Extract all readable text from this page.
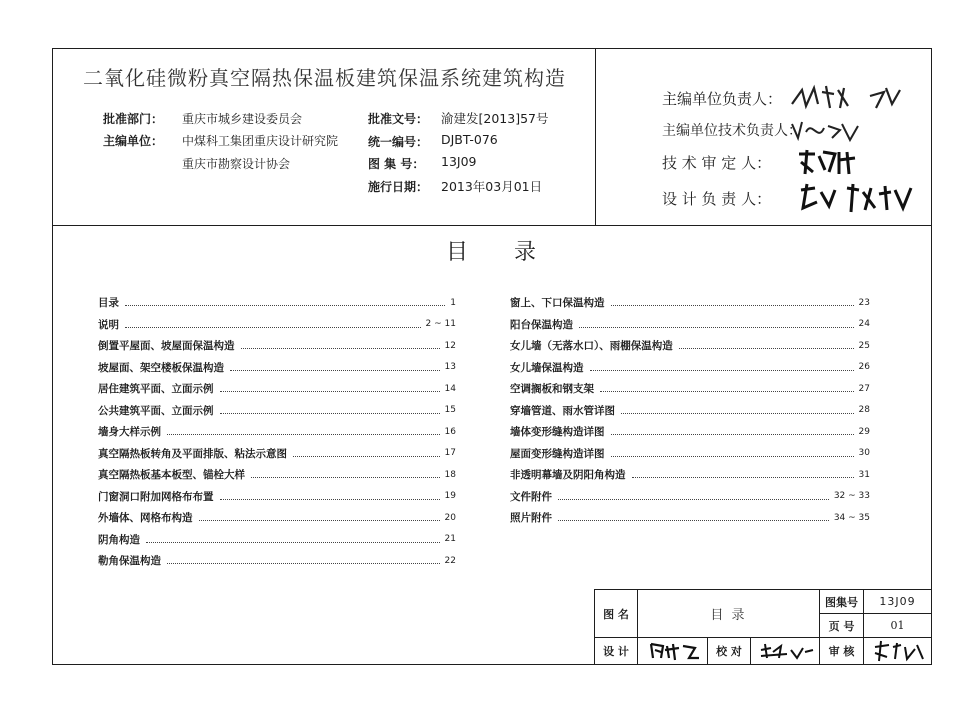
二氧化硅微粉真空隔热保温板建筑保温系统建筑构造
批准部门： 重庆市城乡建设委员会
主编单位： 中煤科工集团重庆设计研究院
重庆市勘察设计协会
批准文号： 渝建发[2013]57号
统一编号： DJBT-076
图 集 号： 13J09
施行日期： 2013年03月01日
主编单位负责人：
主编单位技术负责人：
技 术 审 定 人：
设 计 负 责 人：
目 录
目录	1
说明	2 ~ 11
倒置平屋面、坡屋面保温构造	12
坡屋面、架空楼板保温构造	13
居住建筑平面、立面示例	14
公共建筑平面、立面示例	15
墙身大样示例	16
真空隔热板转角及平面排版、粘法示意图	17
真空隔热板基本板型、锚栓大样	18
门窗洞口附加网格布布置	19
外墙体、网格布构造	20
阴角构造	21
勒角保温构造	22
窗上、下口保温构造	23
阳台保温构造	24
女儿墙（无落水口）、雨棚保温构造	25
女儿墙保温构造	26
空调搁板和钢支架	27
穿墙管道、雨水管详图	28
墙体变形缝构造详图	29
屋面变形缝构造详图	30
非透明幕墙及阴阳角构造	31
文件附件	32 ~ 33
照片附件	34 ~ 35
图 名	目 录
图集号	13J09
页 号	01
设 计	校 对	审 核
